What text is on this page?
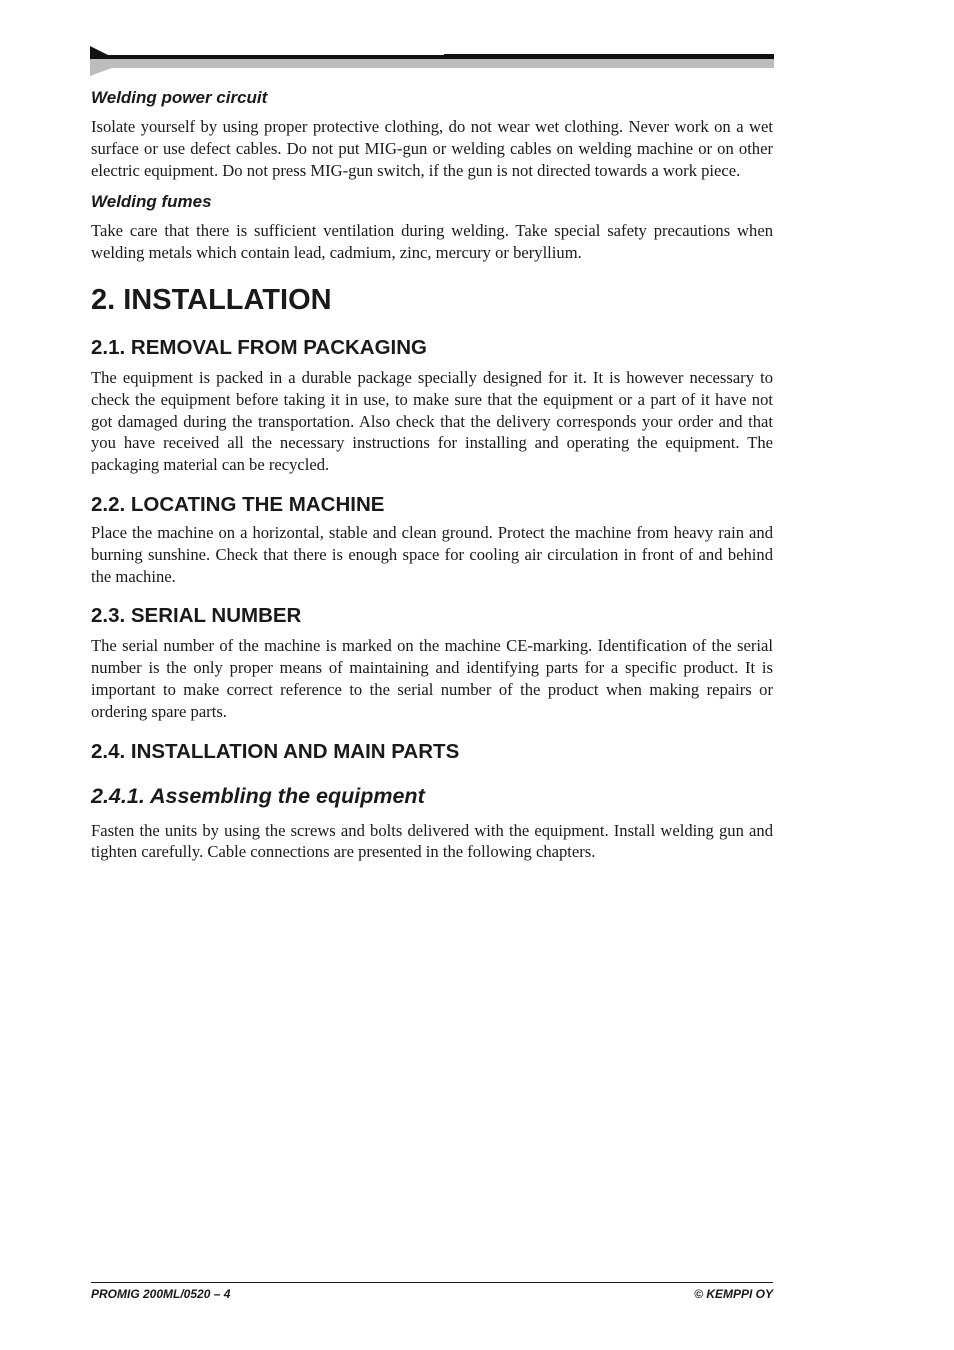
Welding power circuit

Isolate yourself by using proper protective clothing, do not wear wet clothing. Never work on a wet surface or use defect cables. Do not put MIG-gun or welding cables on welding machine or on other electric equipment. Do not press MIG-gun switch, if the gun is not directed towards a work piece.

Welding fumes

Take care that there is sufficient ventilation during welding. Take special safety precautions when welding metals which contain lead, cadmium, zinc, mercury or beryllium.

2. INSTALLATION
2.1. REMOVAL FROM PACKAGING

The equipment is packed in a durable package specially designed for it. It is however necessary to check the equipment before taking it in use, to make sure that the equipment or a part of it have not got damaged during the transportation. Also check that the delivery corresponds your order and that you have received all the necessary instructions for installing and operating the equipment. The packaging material can be recycled.

2.2. LOCATING THE MACHINE

Place the machine on a horizontal, stable and clean ground. Protect the machine from heavy rain and burning sunshine. Check that there is enough space for cooling air circulation in front of and behind the machine.

2.3. SERIAL NUMBER

The serial number of the machine is marked on the machine CE-marking. Identification of the serial number is the only proper means of maintaining and identifying parts for a specific product. It is important to make correct reference to the serial number of the product when making repairs or ordering spare parts.

2.4. INSTALLATION AND MAIN PARTS
2.4.1. Assembling the equipment

Fasten the units by using the screws and bolts delivered with the equipment. Install welding gun and tighten carefully. Cable connections are presented in the following chapters.

PROMIG 200ML/0520 – 4	© KEMPPI OY
